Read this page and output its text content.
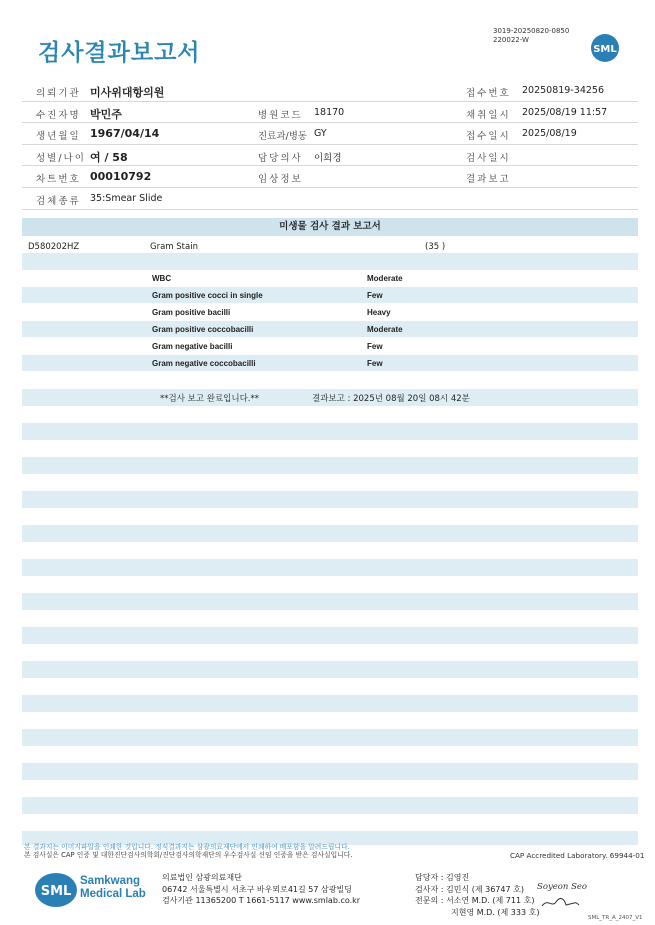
검사결과보고서
3019-20250820-0850
220022-W
SML
의뢰기관 미사위대항의원	접수번호 20250819-34256
수진자명 박민주	병원코드 18170	채취일시 2025/08/19 11:57
생년월일 1967/04/14	진료과/병동 GY	접수일시 2025/08/19
성별/나이 여 / 58	담당의사 이희경	검사일시
차트번호 00010792	임상정보	결과보고
검체종류 35:Smear Slide
미생물 검사 결과 보고서
D580202HZ	Gram Stain	(35 )
WBC	Moderate
Gram positive cocci in single	Few
Gram positive bacilli	Heavy
Gram positive coccobacilli	Moderate
Gram negative bacilli	Few
Gram negative coccobacilli	Few
**검사 보고 완료입니다.**	결과보고 : 2025년 08월 20일 08시 42분
본 결과지는 이미지파일을 인쇄한 것입니다. 정식결과지는 삼광의료재단에서 인쇄하여 배포함을 알려드립니다.
본 검사실은 CAP 인증 및 대한진단검사의학회/진단검사의학재단의 우수검사실 신임 인증을 받은 검사실입니다.	CAP Accredited Laboratory. 69944-01
SML
Samkwang
Medical Lab
의료법인 삼광의료재단
06742 서울특별시 서초구 바우뫼로41길 57 삼광빌딩
검사기관 11365200 T 1661-5117 www.smlab.co.kr
담당자 : 김영진
검사자 : 김민식 (제 36747 호)
전문의 : 서소연 M.D. (제 711 호)
지현영 M.D. (제 333 호)
Soyeon Seo
SML_TR_A_2407_V1
